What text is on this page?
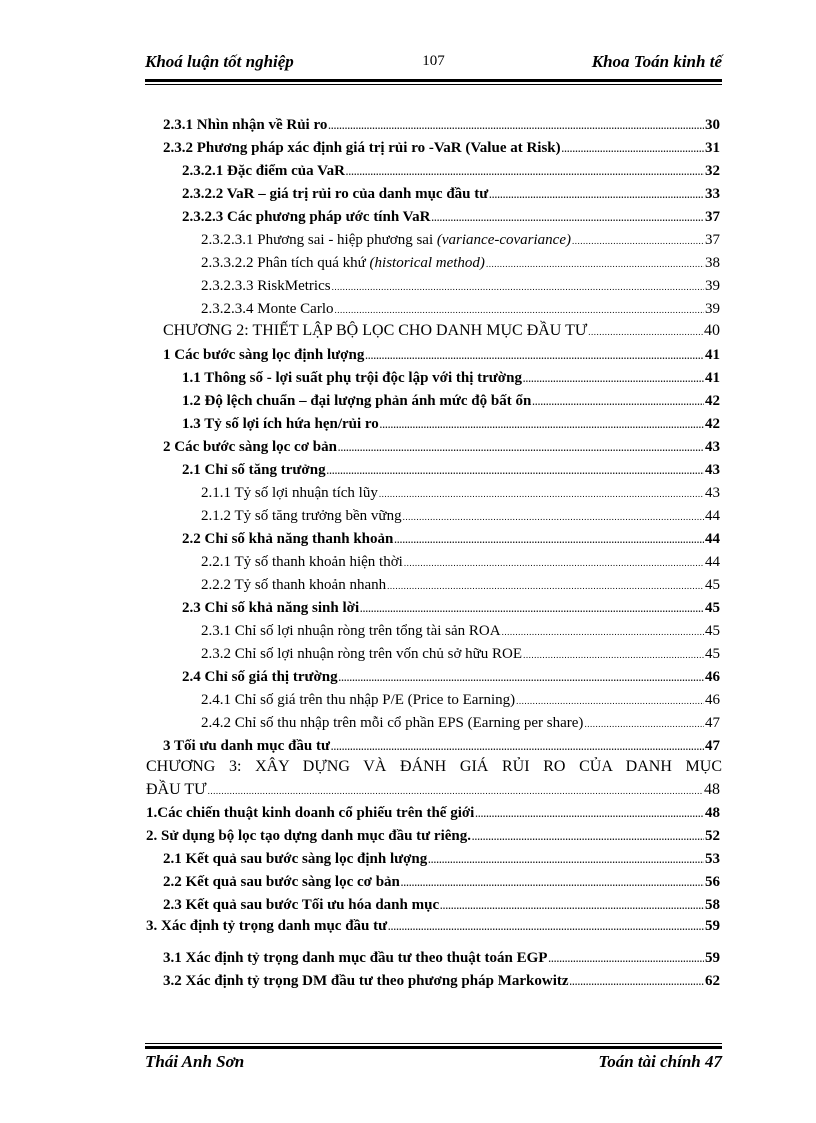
Khoá luận tốt nghiệp	107	Khoa Toán kinh tế
2.3.1 Nhìn nhận về Rủi ro .....	30
2.3.2 Phương pháp xác định giá trị rủi ro -VaR (Value at Risk) .....	31
2.3.2.1 Đặc điểm của VaR .....	32
2.3.2.2 VaR – giá trị rủi ro của danh mục đầu tư .....	33
2.3.2.3 Các phương pháp ước tính VaR .....	37
2.3.2.3.1 Phương sai - hiệp phương sai (variance-covariance) .....	37
2.3.3.2.2 Phân tích quá khứ (historical method) .....	38
2.3.2.3.3 RiskMetrics .....	39
2.3.2.3.4 Monte Carlo .....	39
CHƯƠNG 2: THIẾT LẬP BỘ LỌC CHO DANH MỤC ĐẦU TƯ .....	40
1 Các bước sàng lọc định lượng .....	41
1.1 Thông số - lợi suất phụ trội độc lập với thị trường .....	41
1.2 Độ lệch chuẩn – đại lượng phản ánh mức độ bất ổn .....	42
1.3 Tỷ số lợi ích hứa hẹn/rủi ro .....	42
2 Các bước sàng lọc cơ bản .....	43
2.1 Chỉ số tăng trưởng .....	43
2.1.1 Tỷ số lợi nhuận tích lũy .....	43
2.1.2 Tỷ số tăng trưởng bền vững .....	44
2.2 Chỉ số khả năng thanh khoản .....	44
2.2.1 Tỷ số thanh khoản hiện thời .....	44
2.2.2 Tỷ số thanh khoản nhanh .....	45
2.3 Chỉ số khả năng sinh lời .....	45
2.3.1 Chỉ số lợi nhuận ròng trên tổng tài sản ROA .....	45
2.3.2 Chỉ số lợi nhuận ròng trên vốn chủ sở hữu ROE .....	45
2.4 Chỉ số giá thị trường .....	46
2.4.1 Chỉ số giá trên thu nhập P/E (Price to Earning) .....	46
2.4.2 Chỉ số thu nhập trên mỗi cổ phần EPS (Earning per share) .....	47
3 Tối ưu danh mục đầu tư .....	47
CHƯƠNG 3: XÂY DỰNG VÀ ĐÁNH GIÁ RỦI RO CỦA DANH MỤC
ĐẦU TƯ .....	48
1.Các chiến thuật kinh doanh cổ phiếu trên thế giới .....	48
2. Sử dụng bộ lọc tạo dựng danh mục đầu tư riêng. .....	52
2.1 Kết quả sau bước sàng lọc định lượng .....	53
2.2 Kết quả sau bước sàng lọc cơ bản .....	56
2.3 Kết quả sau bước Tối ưu hóa danh mục .....	58
3. Xác định tỷ trọng danh mục đầu tư .....	59
3.1 Xác định tỷ trọng danh mục đầu tư theo thuật toán EGP .....	59
3.2 Xác định tỷ trọng DM đầu tư theo phương pháp Markowitz .....	62
Thái Anh Sơn	Toán tài chính 47
